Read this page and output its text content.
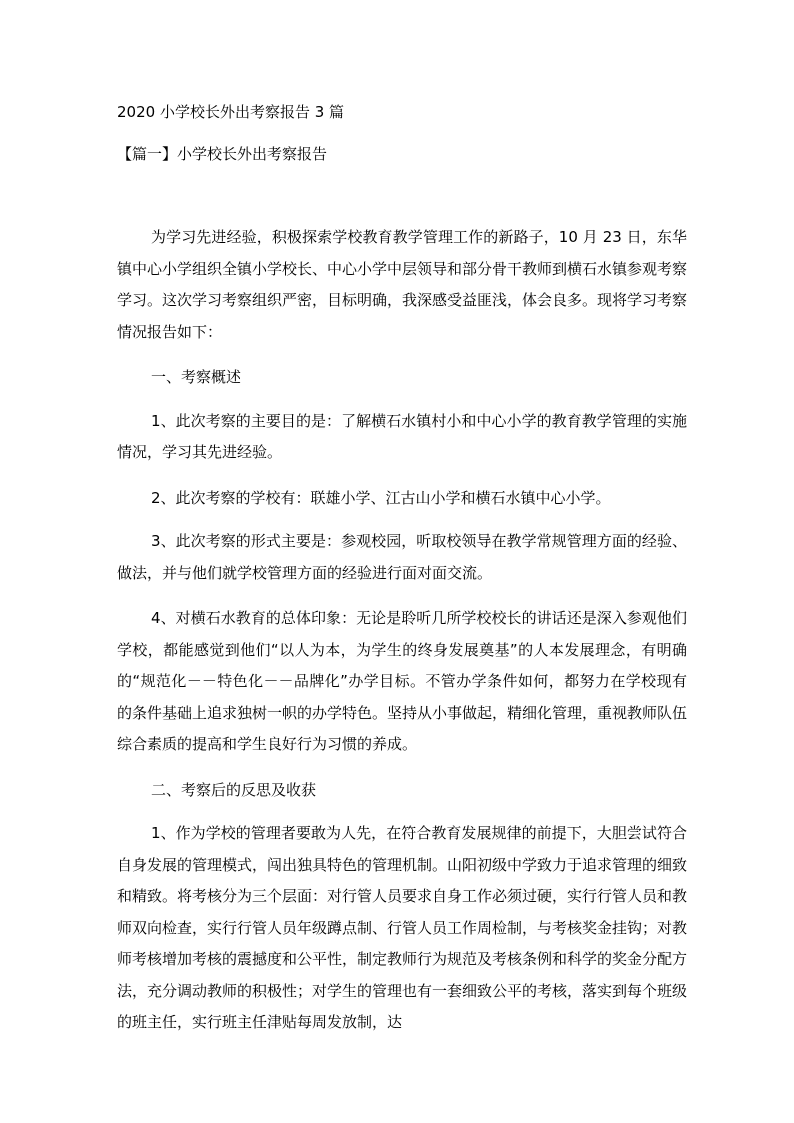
2020 小学校长外出考察报告 3 篇
【篇一】小学校长外出考察报告

为学习先进经验，积极探索学校教育教学管理工作的新路子，10 月 23 日，东华镇中心小学组织全镇小学校长、中心小学中层领导和部分骨干教师到横石水镇参观考察学习。这次学习考察组织严密，目标明确，我深感受益匪浅，体会良多。现将学习考察情况报告如下：

一、考察概述

1、此次考察的主要目的是：了解横石水镇村小和中心小学的教育教学管理的实施情况，学习其先进经验。

2、此次考察的学校有：联雄小学、江古山小学和横石水镇中心小学。

3、此次考察的形式主要是：参观校园，听取校领导在教学常规管理方面的经验、做法，并与他们就学校管理方面的经验进行面对面交流。

4、对横石水教育的总体印象：无论是聆听几所学校校长的讲话还是深入参观他们学校，都能感觉到他们“以人为本，为学生的终身发展奠基”的人本发展理念，有明确的“规范化－－特色化－－品牌化”办学目标。不管办学条件如何，都努力在学校现有的条件基础上追求独树一帜的办学特色。坚持从小事做起，精细化管理，重视教师队伍综合素质的提高和学生良好行为习惯的养成。

二、考察后的反思及收获

1、作为学校的管理者要敢为人先，在符合教育发展规律的前提下，大胆尝试符合自身发展的管理模式，闯出独具特色的管理机制。山阳初级中学致力于追求管理的细致和精致。将考核分为三个层面：对行管人员要求自身工作必须过硬，实行行管人员和教师双向检查，实行行管人员年级蹲点制、行管人员工作周检制，与考核奖金挂钩；对教师考核增加考核的震撼度和公平性，制定教师行为规范及考核条例和科学的奖金分配方法，充分调动教师的积极性；对学生的管理也有一套细致公平的考核，落实到每个班级的班主任，实行班主任津贴每周发放制，达
